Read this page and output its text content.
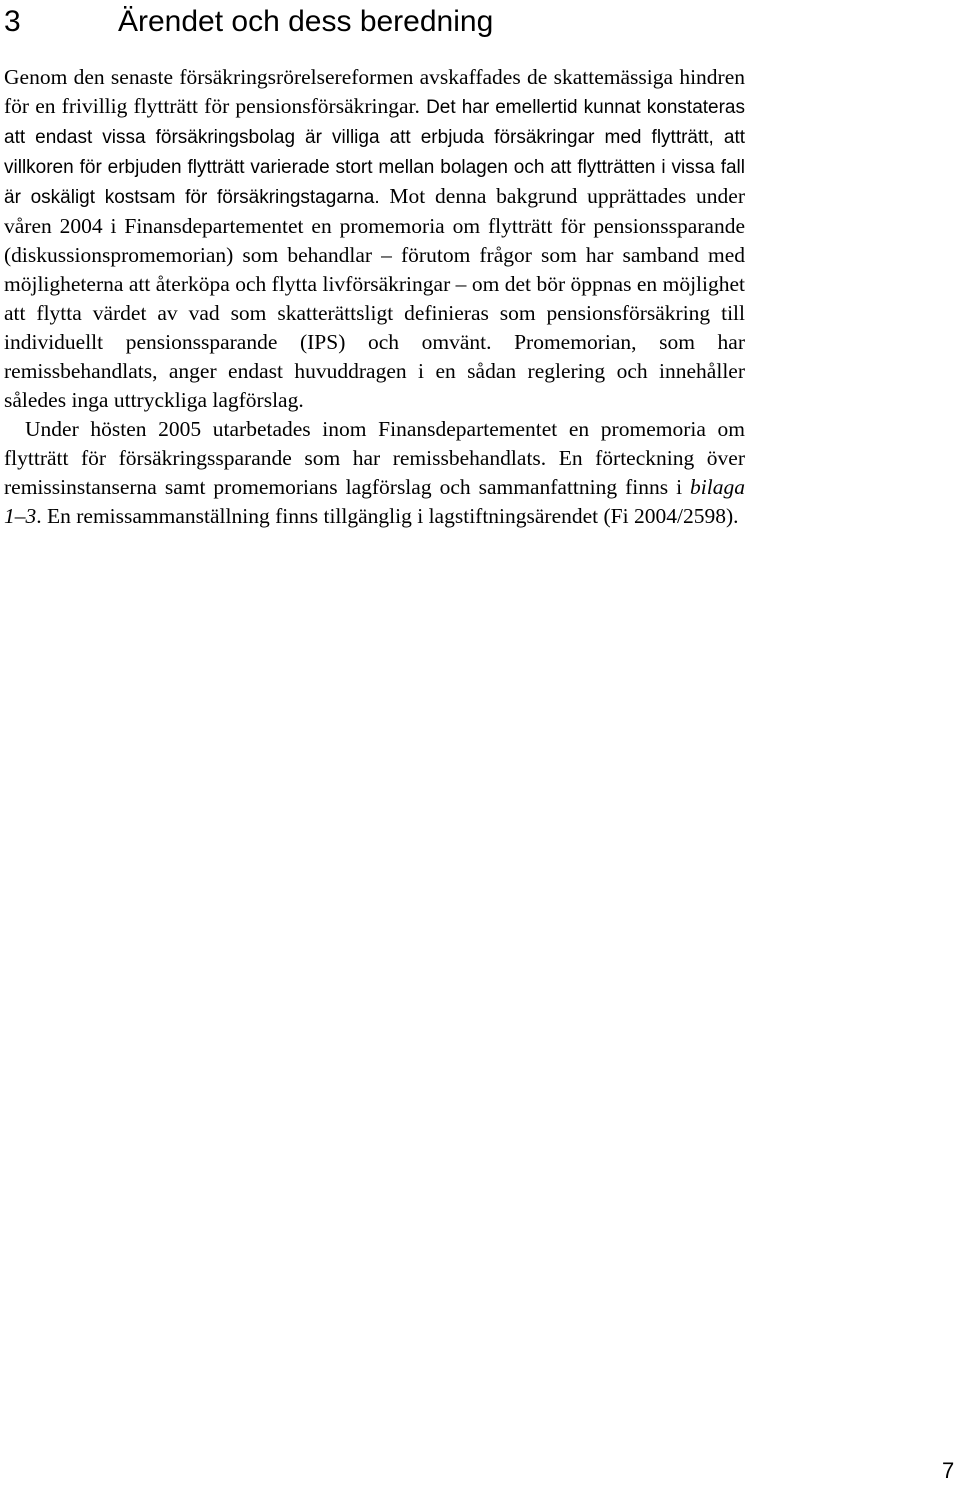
3	Ärendet och dess beredning

Genom den senaste försäkringsrörelsereformen avskaffades de skattemässiga hindren för en frivillig flytträtt för pensionsförsäkringar. Det har emellertid kunnat konstateras att endast vissa försäkringsbolag är villiga att erbjuda försäkringar med flytträtt, att villkoren för erbjuden flytträtt varierade stort mellan bolagen och att flytträtten i vissa fall är oskäligt kostsam för försäkringstagarna. Mot denna bakgrund upprättades under våren 2004 i Finansdepartementet en promemoria om flytträtt för pensionssparande (diskussionspromemorian) som behandlar – förutom frågor som har samband med möjligheterna att återköpa och flytta livförsäkringar – om det bör öppnas en möjlighet att flytta värdet av vad som skatterättsligt definieras som pensionsförsäkring till individuellt pensionssparande (IPS) och omvänt. Promemorian, som har remissbehandlats, anger endast huvuddragen i en sådan reglering och innehåller således inga uttryckliga lagförslag.

Under hösten 2005 utarbetades inom Finansdepartementet en promemoria om flytträtt för försäkringssparande som har remissbehandlats. En förteckning över remissinstanserna samt promemorians lagförslag och sammanfattning finns i bilaga 1–3. En remissammanställning finns tillgänglig i lagstiftningsärendet (Fi 2004/2598).

7
